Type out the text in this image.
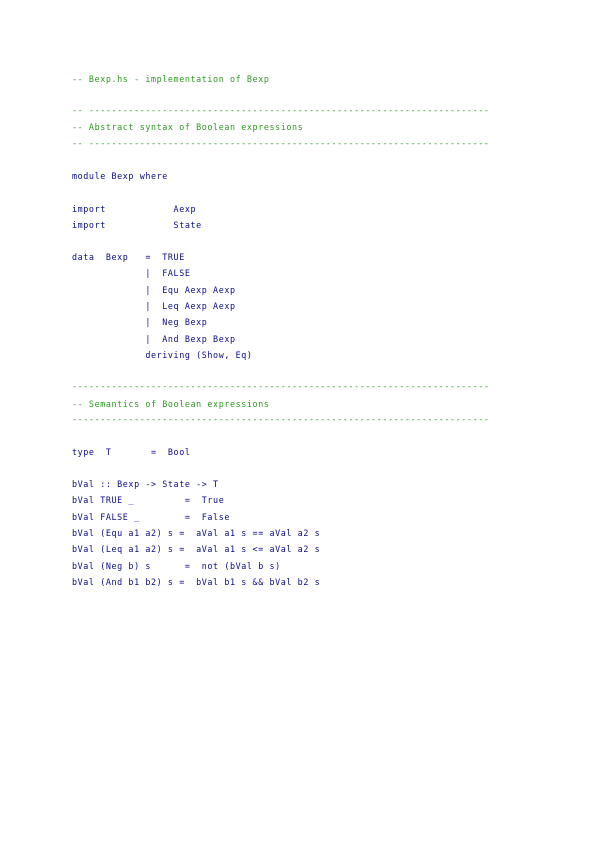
-- Bexp.hs - implementation of Bexp
-- -----------------------------------------------------------------------
-- Abstract syntax of Boolean expressions
-- -----------------------------------------------------------------------
module Bexp where
import            Aexp
import            State
data  Bexp   =  TRUE
|  FALSE
|  Equ Aexp Aexp
|  Leq Aexp Aexp
|  Neg Bexp
|  And Bexp Bexp
deriving (Show, Eq)
--------------------------------------------------------------------------
-- Semantics of Boolean expressions
--------------------------------------------------------------------------
type  T       =  Bool
bVal :: Bexp -> State -> T
bVal TRUE _         =  True
bVal FALSE _        =  False
bVal (Equ a1 a2) s =  aVal a1 s == aVal a2 s
bVal (Leq a1 a2) s =  aVal a1 s <= aVal a2 s
bVal (Neg b) s      =  not (bVal b s)
bVal (And b1 b2) s =  bVal b1 s && bVal b2 s
